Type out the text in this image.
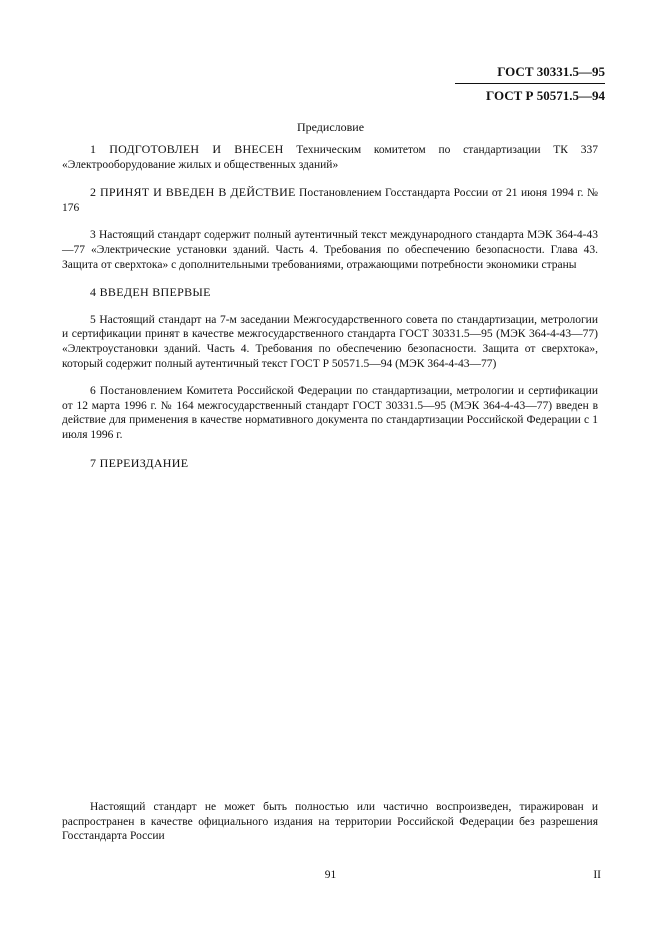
ГОСТ 30331.5—95
ГОСТ Р 50571.5—94
Предисловие

1 ПОДГОТОВЛЕН И ВНЕСЕН Техническим комитетом по стандартизации ТК 337 «Электрооборудование жилых и общественных зданий»

2 ПРИНЯТ И ВВЕДЕН В ДЕЙСТВИЕ Постановлением Госстандарта России от 21 июня 1994 г. № 176

3 Настоящий стандарт содержит полный аутентичный текст международного стандарта МЭК 364-4-43—77 «Электрические установки зданий. Часть 4. Требования по обеспечению безопасности. Глава 43. Защита от сверхтока» с дополнительными требованиями, отражающими потребности экономики страны

4 ВВЕДЕН ВПЕРВЫЕ

5 Настоящий стандарт на 7-м заседании Межгосударственного совета по стандартизации, метрологии и сертификации принят в качестве межгосударственного стандарта ГОСТ 30331.5—95 (МЭК 364-4-43—77) «Электроустановки зданий. Часть 4. Требования по обеспечению безопасности. Защита от сверхтока», который содержит полный аутентичный текст ГОСТ Р 50571.5—94 (МЭК 364-4-43—77)

6 Постановлением Комитета Российской Федерации по стандартизации, метрологии и сертификации от 12 марта 1996 г. № 164 межгосударственный стандарт ГОСТ 30331.5—95 (МЭК 364-4-43—77) введен в действие для применения в качестве нормативного документа по стандартизации Российской Федерации с 1 июля 1996 г.

7 ПЕРЕИЗДАНИЕ

Настоящий стандарт не может быть полностью или частично воспроизведен, тиражирован и распространен в качестве официального издания на территории Российской Федерации без разрешения Госстандарта России
91	II
